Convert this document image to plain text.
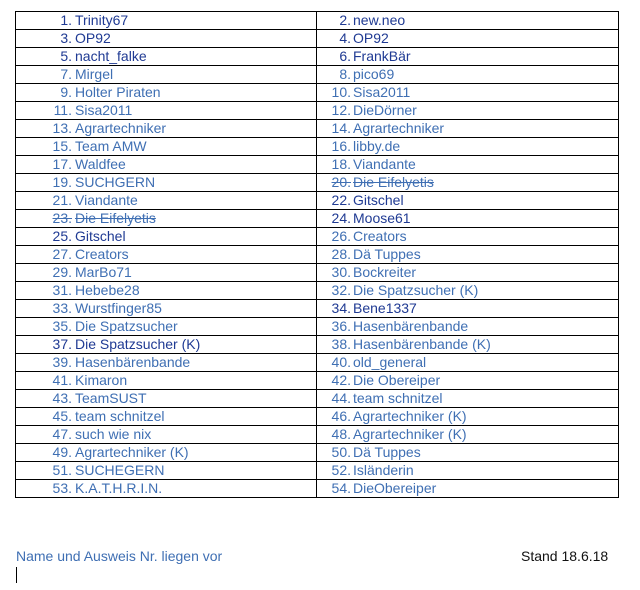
1. Trinity67	2. new.neo
3. OP92	4. OP92
5. nacht_falke	6. FrankBär
7. Mirgel	8. pico69
9. Holter Piraten	10. Sisa2011
11. Sisa2011	12. DieDörner
13. Agrartechniker	14. Agrartechniker
15. Team AMW	16. libby.de
17. Waldfee	18. Viandante
19. SUCHGERN	20. Die Eifelyetis
21. Viandante	22. Gitschel
23. Die Eifelyetis	24. Moose61
25. Gitschel	26. Creators
27. Creators	28. Dä Tuppes
29. MarBo71	30. Bockreiter
31. Hebebe28	32. Die Spatzsucher (K)
33. Wurstfinger85	34. Bene1337
35. Die Spatzsucher	36. Hasenbärenbande
37. Die Spatzsucher (K)	38. Hasenbärenbande (K)
39. Hasenbärenbande	40. old_general
41. Kimaron	42. Die Obereiper
43. TeamSUST	44. team schnitzel
45. team schnitzel	46. Agrartechniker (K)
47. such wie nix	48. Agrartechniker (K)
49. Agrartechniker (K)	50. Dä Tuppes
51. SUCHEGERN	52. Isländerin
53. K.A.T.H.R.I.N.	54. DieObereiper
Name und Ausweis Nr. liegen vor	Stand 18.6.18
